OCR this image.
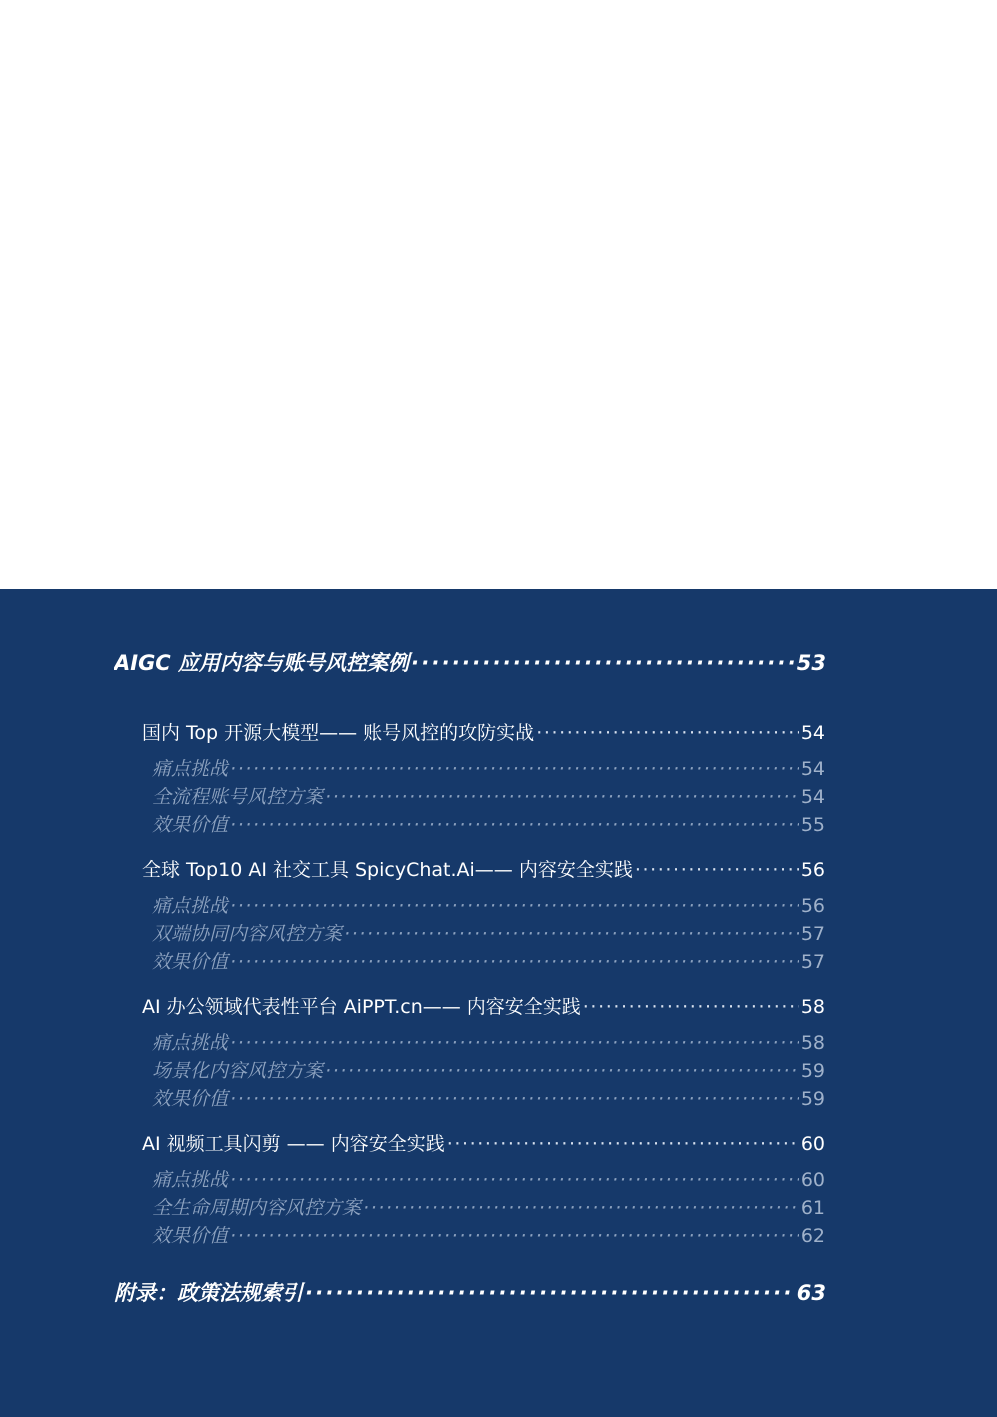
AIGC 应用内容与账号风控案例 ·····	53
国内 Top 开源大模型—— 账号风控的攻防实战 ·····	54
痛点挑战 ·····	54
全流程账号风控方案 ·····	54
效果价值 ·····	55
全球 Top10 AI 社交工具 SpicyChat.Ai—— 内容安全实践 ·····	56
痛点挑战 ·····	56
双端协同内容风控方案 ·····	57
效果价值 ·····	57
AI 办公领域代表性平台 AiPPT.cn—— 内容安全实践 ·····	58
痛点挑战 ·····	58
场景化内容风控方案 ·····	59
效果价值 ·····	59
AI 视频工具闪剪 —— 内容安全实践 ·····	60
痛点挑战 ·····	60
全生命周期内容风控方案 ·····	61
效果价值 ·····	62
附录：政策法规索引 ·····	63
